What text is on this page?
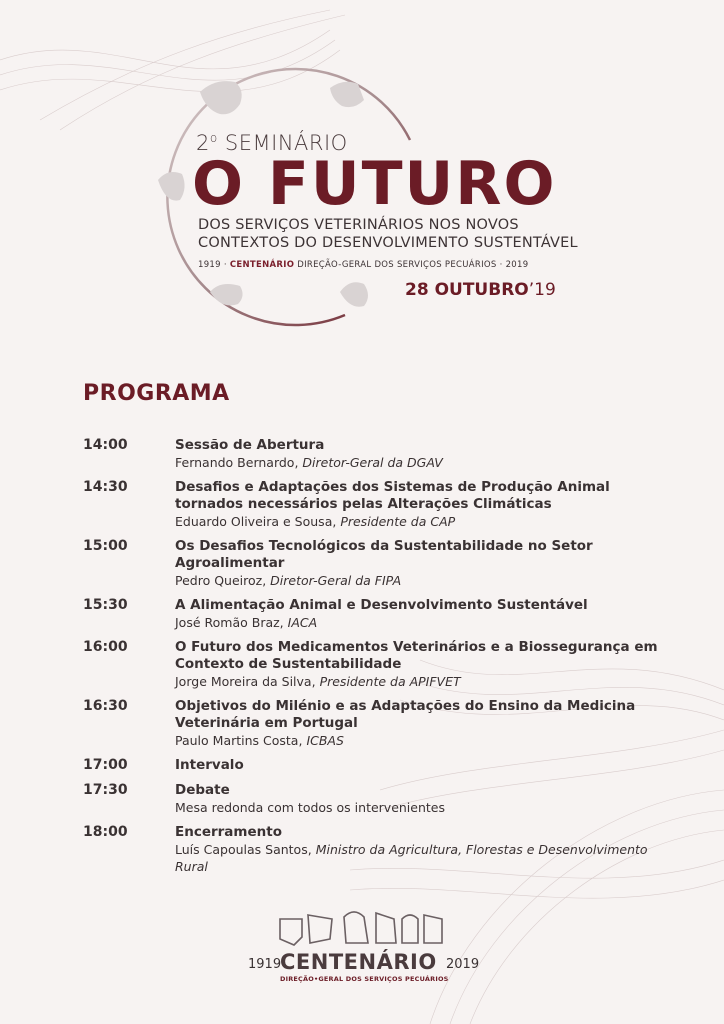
2$^o$ SEMINÁRIO
O FUTURO
DOS SERVIÇOS VETERINÁRIOS NOS NOVOS
CONTEXTOS DO DESENVOLVIMENTO SUSTENTÁVEL
1919 · CENTENÁRIO DIREÇÃO-GERAL DOS SERVIÇOS PECUÁRIOS · 2019
28 OUTUBRO’19
PROGRAMA
14:00	Sessão de Abertura
Fernando Bernardo, Diretor-Geral da DGAV
14:30	Desafios e Adaptações dos Sistemas de Produção Animal tornados necessários pelas Alterações Climáticas
Eduardo Oliveira e Sousa, Presidente da CAP
15:00	Os Desafios Tecnológicos da Sustentabilidade no Setor Agroalimentar
Pedro Queiroz, Diretor-Geral da FIPA
15:30	A Alimentação Animal e Desenvolvimento Sustentável
José Romão Braz, IACA
16:00	O Futuro dos Medicamentos Veterinários e a Biossegurança em Contexto de Sustentabilidade
Jorge Moreira da Silva, Presidente da APIFVET
16:30	Objetivos do Milénio e as Adaptações do Ensino da Medicina Veterinária em Portugal
Paulo Martins Costa, ICBAS
17:00	Intervalo
17:30	Debate
Mesa redonda com todos os intervenientes
18:00	Encerramento
Luís Capoulas Santos, Ministro da Agricultura, Florestas e Desenvolvimento Rural
1919
CENTENÁRIO 2019
DIREÇÃO•GERAL DOS SERVIÇOS PECUÁRIOS
